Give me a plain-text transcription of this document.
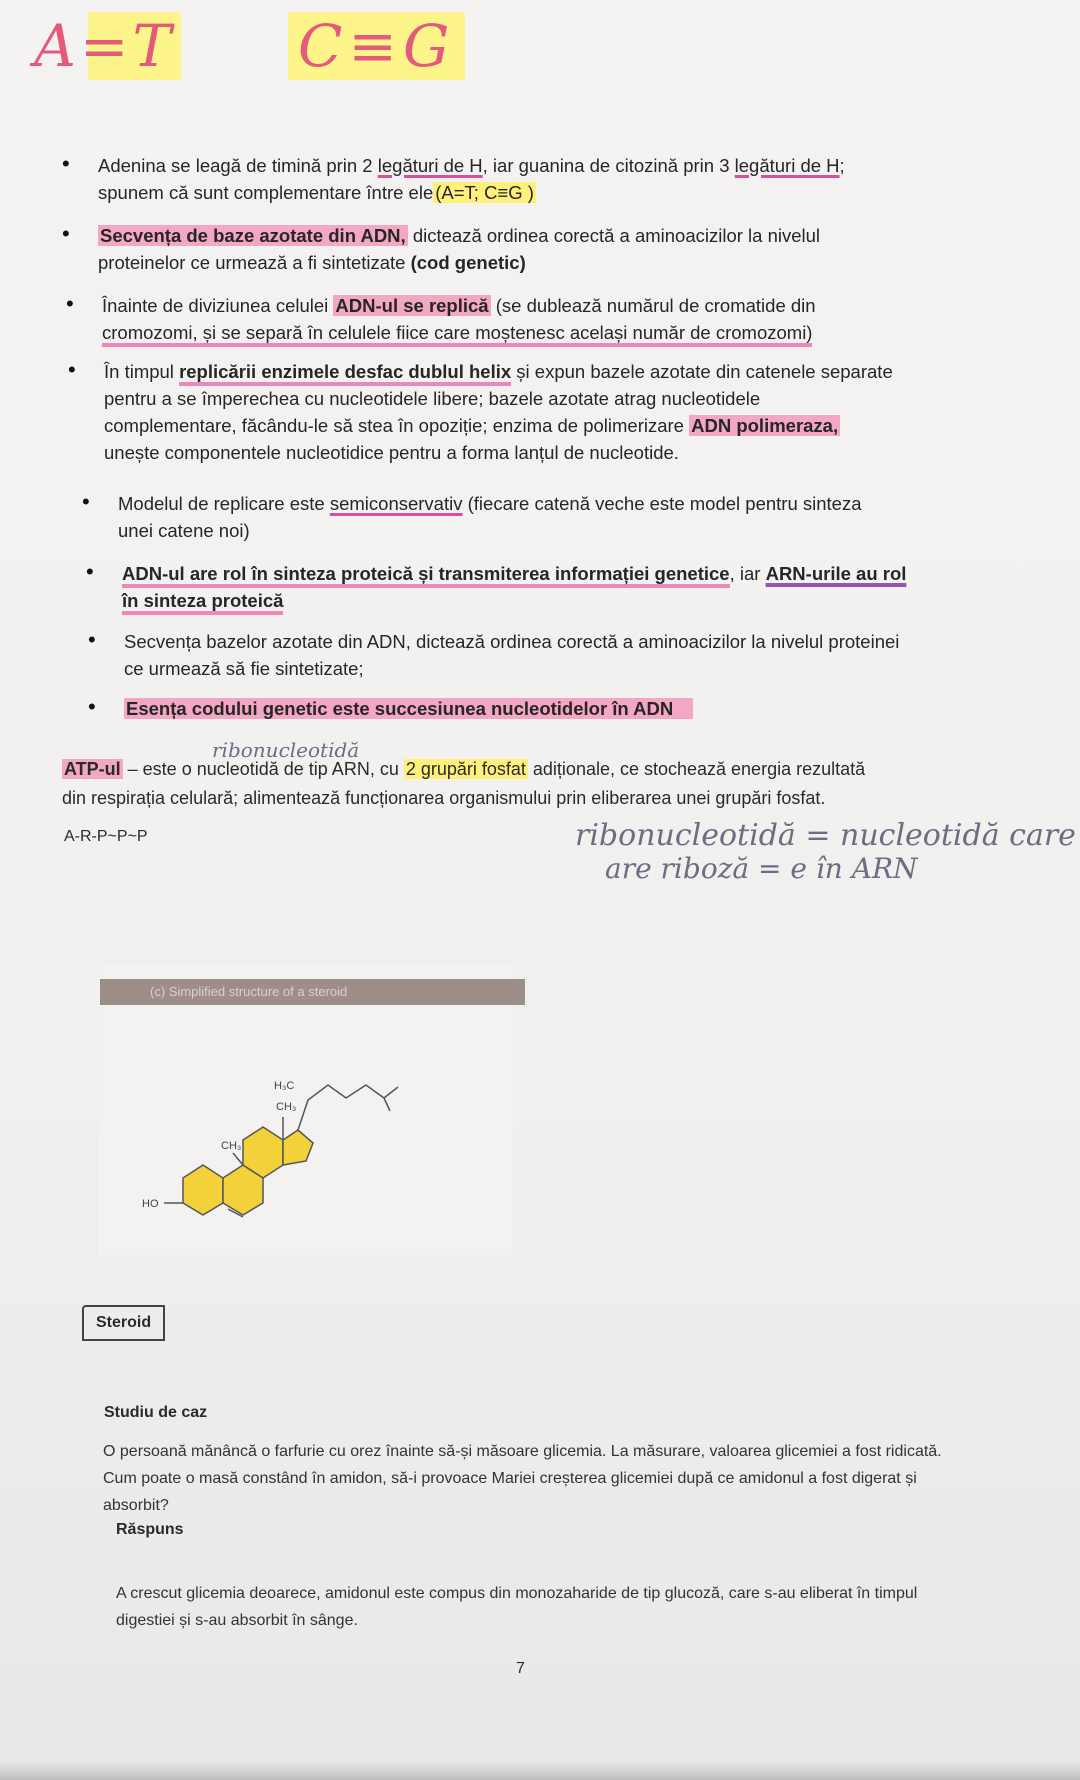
A=T C≡G
• Adenina se leagă de timină prin 2 legături de H, iar guanina de citozină prin 3 legături de H;
spunem că sunt complementare între ele (A=T; C≡G )
• Secvența de baze azotate din ADN, dictează ordinea corectă a aminoacizilor la nivelul
proteinelor ce urmează a fi sintetizate (cod genetic)
• Înainte de diviziunea celulei ADN-ul se replică (se dublează numărul de cromatide din
cromozomi, și se separă în celulele fiice care moștenesc același număr de cromozomi)
• În timpul replicării enzimele desfac dublul helix și expun bazele azotate din catenele separate
pentru a se împerechea cu nucleotidele libere; bazele azotate atrag nucleotidele
complementare, făcându-le să stea în opoziție; enzima de polimerizare ADN polimeraza,
unește componentele nucleotidice pentru a forma lanțul de nucleotide.
• Modelul de replicare este semiconservativ (fiecare catenă veche este model pentru sinteza
unei catene noi)
• ADN-ul are rol în sinteza proteică și transmiterea informației genetice, iar ARN-urile au rol
în sinteza proteică
• Secvența bazelor azotate din ADN, dictează ordinea corectă a aminoacizilor la nivelul proteinei
ce urmează să fie sintetizate;
• Esența codului genetic este succesiunea nucleotidelor în ADN
ribonucleotidă
ATP-ul – este o nucleotidă de tip ARN, cu 2 grupări fosfat adiționale, ce stochează energia rezultată
din respirația celulară; alimentează funcționarea organismului prin eliberarea unei grupări fosfat.
A-R-P~P~P	ribonucleotidă = nucleotidă care
are riboză = e în ARN
(c) Simplified structure of a steroid
H₃C
CH₃
CH₃
HO
Steroid
Studiu de caz
O persoană mănâncă o farfurie cu orez înainte să-și măsoare glicemia. La măsurare, valoarea glicemiei a fost ridicată. Cum poate o masă constând în amidon, să-i provoace Mariei creșterea glicemiei după ce amidonul a fost digerat și absorbit?
Răspuns
A crescut glicemia deoarece, amidonul este compus din monozaharide de tip glucoză, care s-au eliberat în timpul digestiei și s-au absorbit în sânge.
7
